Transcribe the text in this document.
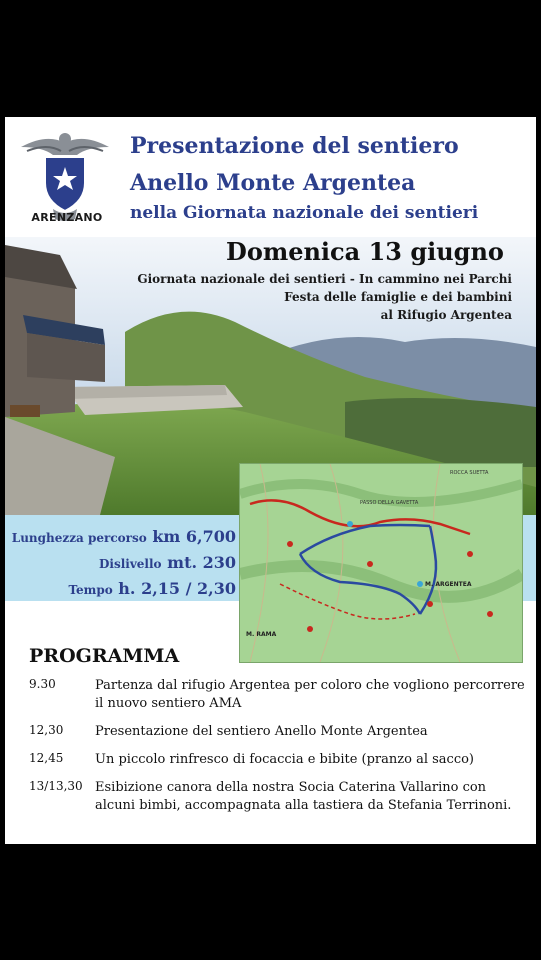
ARENZANO
Presentazione del sentiero
Anello Monte Argentea
nella Giornata nazionale dei sentieri
Domenica 13 giugno
Giornata nazionale dei sentieri - In cammino nei Parchi
Festa delle famiglie e dei bambini
al Rifugio Argentea
Lunghezza percorso km 6,700
Dislivello mt. 230
Tempo h. 2,15 / 2,30	M. ARGENTEA
M. RAMA
PASSO DELLA GAVETTA
ROCCA SUETTA
PROGRAMMA
9.30	Partenza dal rifugio Argentea per coloro che vogliono percorrere il nuovo sentiero AMA
12,30	Presentazione del sentiero Anello Monte Argentea
12,45	Un piccolo rinfresco di focaccia e bibite (pranzo al sacco)
13/13,30 Esibizione canora della nostra Socia Caterina Vallarino con alcuni bimbi, accompagnata alla tastiera da Stefania Terrinoni.
